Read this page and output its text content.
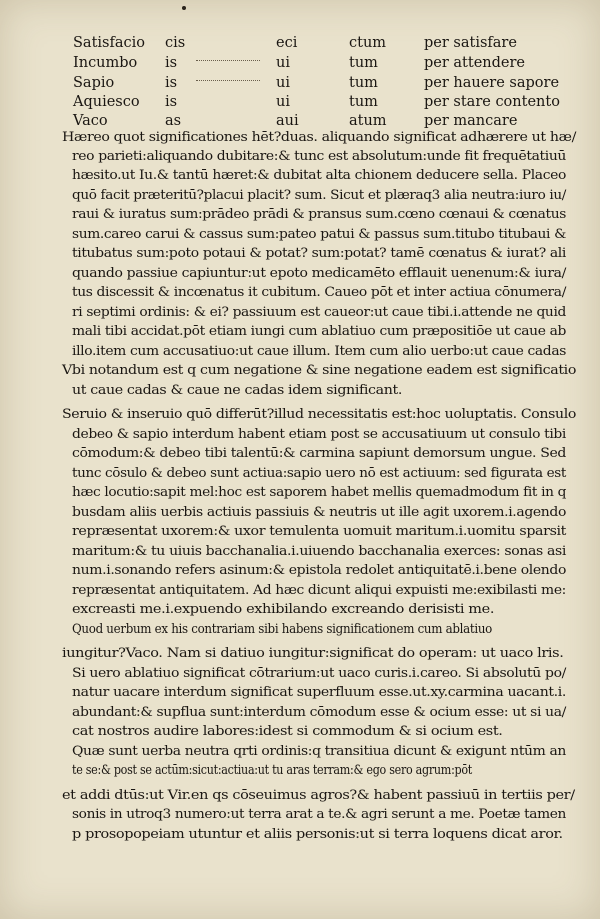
Satisfacio cis	eci	ctum	per satisfare
Incumbo is	ui	tum	per attendere
Sapio	is	ui	tum	per hauere sapore
Aquiesco is	ui	tum	per stare contento
Vaco	as	aui	atum	per mancare
Hæreo quot significationes hēt?duas. aliquando significat adhærere ut hæ/
reo parieti:aliquando dubitare:& tunc est absolutum:unde fit frequētatiuū
hæsito.ut Iu.& tantū hæret:& dubitat alta chionem deducere sella. Placeo
quō facit præteritū?placui placit? sum. Sicut et plæraq3 alia neutra:iuro iu/
raui & iuratus sum:prādeo prādi & pransus sum.cœno cœnaui & cœnatus
sum.careo carui & cassus sum:pateo patui & passus sum.titubo titubaui &
titubatus sum:poto potaui & potat? sum:potat? tamē cœnatus & iurat? ali
quando passiue capiuntur:ut epoto medicamēto efflauit uenenum:& iura/
tus discessit & incœnatus it cubitum. Caueo pōt et inter actiua cōnumera/
ri septimi ordinis: & ei? passiuum est caueor:ut caue tibi.i.attende ne quid
mali tibi accidat.pōt etiam iungi cum ablatiuo cum præpositiōe ut caue ab
illo.item cum accusatiuo:ut caue illum. Item cum alio uerbo:ut caue cadas
Vbi notandum est q cum negatione & sine negatione eadem est significatio
ut caue cadas & caue ne cadas idem significant.
Seruio & inseruio quō differūt?illud necessitatis est:hoc uoluptatis. Consulo
debeo & sapio interdum habent etiam post se accusatiuum ut consulo tibi
cōmodum:& debeo tibi talentū:& carmina sapiunt demorsum ungue. Sed
tunc cōsulo & debeo sunt actiua:sapio uero nō est actiuum: sed figurata est
hæc locutio:sapit mel:hoc est saporem habet mellis quemadmodum fit in q
busdam aliis uerbis actiuis passiuis & neutris ut ille agit uxorem.i.agendo
repræsentat uxorem:& uxor temulenta uomuit maritum.i.uomitu sparsit
maritum:& tu uiuis bacchanalia.i.uiuendo bacchanalia exerces: sonas asi
num.i.sonando refers asinum:& epistola redolet antiquitatē.i.bene olendo
repræsentat antiquitatem. Ad hæc dicunt aliqui expuisti me:exibilasti me:
excreasti me.i.expuendo exhibilando excreando derisisti me.
Quod uerbum ex his contrariam sibi habens significationem cum ablatiuo
iungitur?Vaco. Nam si datiuo iungitur:significat do operam: ut uaco lris.
Si uero ablatiuo significat cōtrarium:ut uaco curis.i.careo. Si absolutū po/
natur uacare interdum significat superfluum esse.ut.xy.carmina uacant.i.
abundant:& supflua sunt:interdum cōmodum esse & ocium esse: ut si ua/
cat nostros audire labores:idest si commodum & si ocium est.
Quæ sunt uerba neutra qrti ordinis:q transitiua dicunt & exigunt ntūm an
te se:& post se actūm:sicut:actiua:ut tu aras terram:& ego sero agrum:pōt
et addi dtūs:ut Vir.en qs cōseuimus agros?& habent passiuū in tertiis per/
sonis in utroq3 numero:ut terra arat a te.& agri serunt a me. Poetæ tamen
p prosopopeiam utuntur et aliis personis:ut si terra loquens dicat aror.
